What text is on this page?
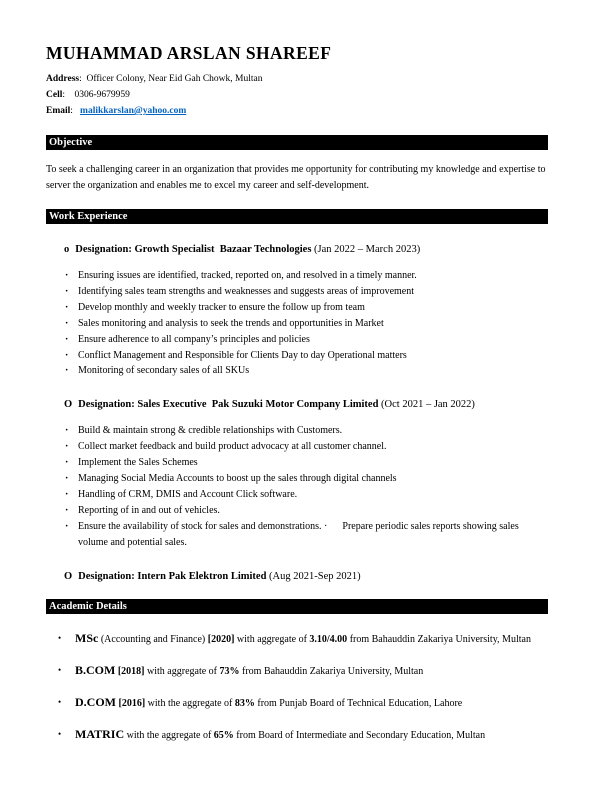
MUHAMMAD ARSLAN SHAREEF
Address:  Officer Colony, Near Eid Gah Chowk, Multan
Cell:    0306-9679959
Email:   malikkarslan@yahoo.com
Objective

To seek a challenging career in an organization that provides me opportunity for contributing my knowledge and expertise to server the organization and enables me to excel my career and self-development.

Work Experience
o Designation: Growth Specialist  Bazaar Technologies (Jan 2022 – March 2023)
· Ensuring issues are identified, tracked, reported on, and resolved in a timely manner.
· Identifying sales team strengths and weaknesses and suggests areas of improvement
· Develop monthly and weekly tracker to ensure the follow up from team
· Sales monitoring and analysis to seek the trends and opportunities in Market
· Ensure adherence to all company’s principles and policies
· Conflict Management and Responsible for Clients Day to day Operational matters
· Monitoring of secondary sales of all SKUs
O Designation: Sales Executive  Pak Suzuki Motor Company Limited (Oct 2021 – Jan 2022)
· Build & maintain strong & credible relationships with Customers.
· Collect market feedback and build product advocacy at all customer channel.
· Implement the Sales Schemes
· Managing Social Media Accounts to boost up the sales through digital channels
· Handling of CRM, DMIS and Account Click software.
· Reporting of in and out of vehicles.
· Ensure the availability of stock for sales and demonstrations. ·      Prepare periodic sales reports showing sales volume and potential sales.
O Designation: Intern Pak Elektron Limited (Aug 2021-Sep 2021)
Academic Details
•	MSc (Accounting and Finance) [2020] with aggregate of 3.10/4.00 from Bahauddin Zakariya University, Multan
•	B.COM [2018] with aggregate of 73% from Bahauddin Zakariya University, Multan
•	D.COM [2016] with the aggregate of 83% from Punjab Board of Technical Education, Lahore
•	MATRIC with the aggregate of 65% from Board of Intermediate and Secondary Education, Multan
